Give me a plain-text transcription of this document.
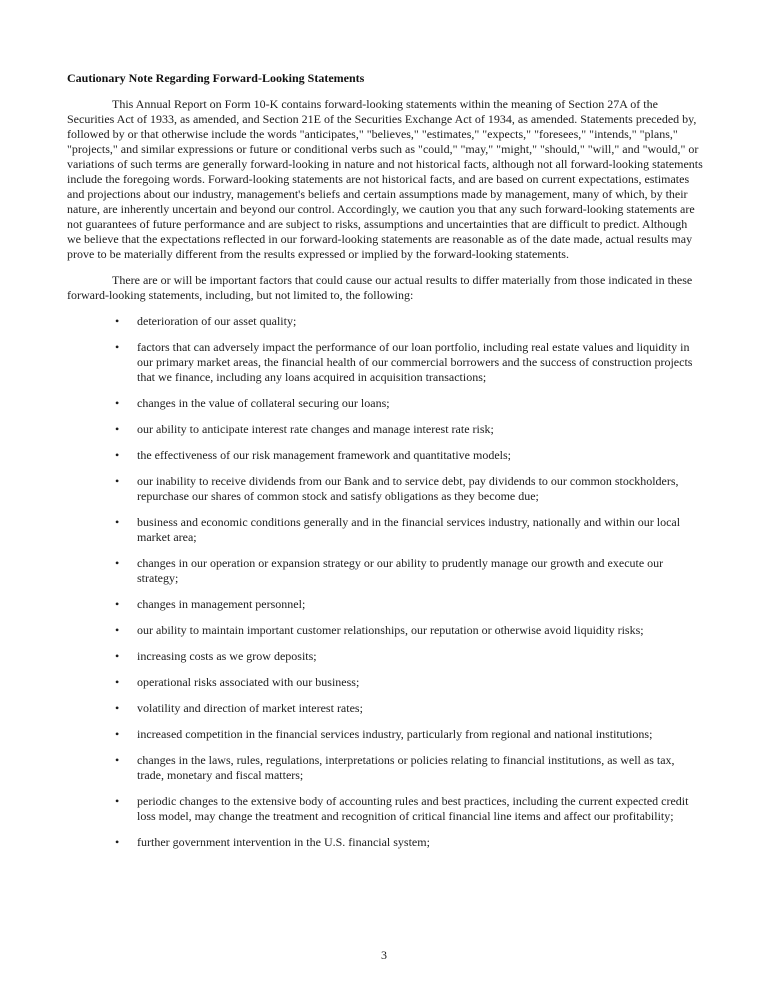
Cautionary Note Regarding Forward-Looking Statements

This Annual Report on Form 10-K contains forward-looking statements within the meaning of Section 27A of the Securities Act of 1933, as amended, and Section 21E of the Securities Exchange Act of 1934, as amended. Statements preceded by, followed by or that otherwise include the words "anticipates," "believes," "estimates," "expects," "foresees," "intends," "plans," "projects," and similar expressions or future or conditional verbs such as "could," "may," "might," "should," "will," and "would," or variations of such terms are generally forward-looking in nature and not historical facts, although not all forward-looking statements include the foregoing words. Forward-looking statements are not historical facts, and are based on current expectations, estimates and projections about our industry, management's beliefs and certain assumptions made by management, many of which, by their nature, are inherently uncertain and beyond our control. Accordingly, we caution you that any such forward-looking statements are not guarantees of future performance and are subject to risks, assumptions and uncertainties that are difficult to predict. Although we believe that the expectations reflected in our forward-looking statements are reasonable as of the date made, actual results may prove to be materially different from the results expressed or implied by the forward-looking statements.

There are or will be important factors that could cause our actual results to differ materially from those indicated in these forward-looking statements, including, but not limited to, the following:

•	deterioration of our asset quality;
•	factors that can adversely impact the performance of our loan portfolio, including real estate values and liquidity in our primary market areas, the financial health of our commercial borrowers and the success of construction projects that we finance, including any loans acquired in acquisition transactions;
•	changes in the value of collateral securing our loans;
•	our ability to anticipate interest rate changes and manage interest rate risk;
•	the effectiveness of our risk management framework and quantitative models;
•	our inability to receive dividends from our Bank and to service debt, pay dividends to our common stockholders, repurchase our shares of common stock and satisfy obligations as they become due;
•	business and economic conditions generally and in the financial services industry, nationally and within our local market area;
•	changes in our operation or expansion strategy or our ability to prudently manage our growth and execute our strategy;
•	changes in management personnel;
•	our ability to maintain important customer relationships, our reputation or otherwise avoid liquidity risks;
•	increasing costs as we grow deposits;
•	operational risks associated with our business;
•	volatility and direction of market interest rates;
•	increased competition in the financial services industry, particularly from regional and national institutions;
•	changes in the laws, rules, regulations, interpretations or policies relating to financial institutions, as well as tax, trade, monetary and fiscal matters;
•	periodic changes to the extensive body of accounting rules and best practices, including the current expected credit loss model, may change the treatment and recognition of critical financial line items and affect our profitability;
•	further government intervention in the U.S. financial system;
3
